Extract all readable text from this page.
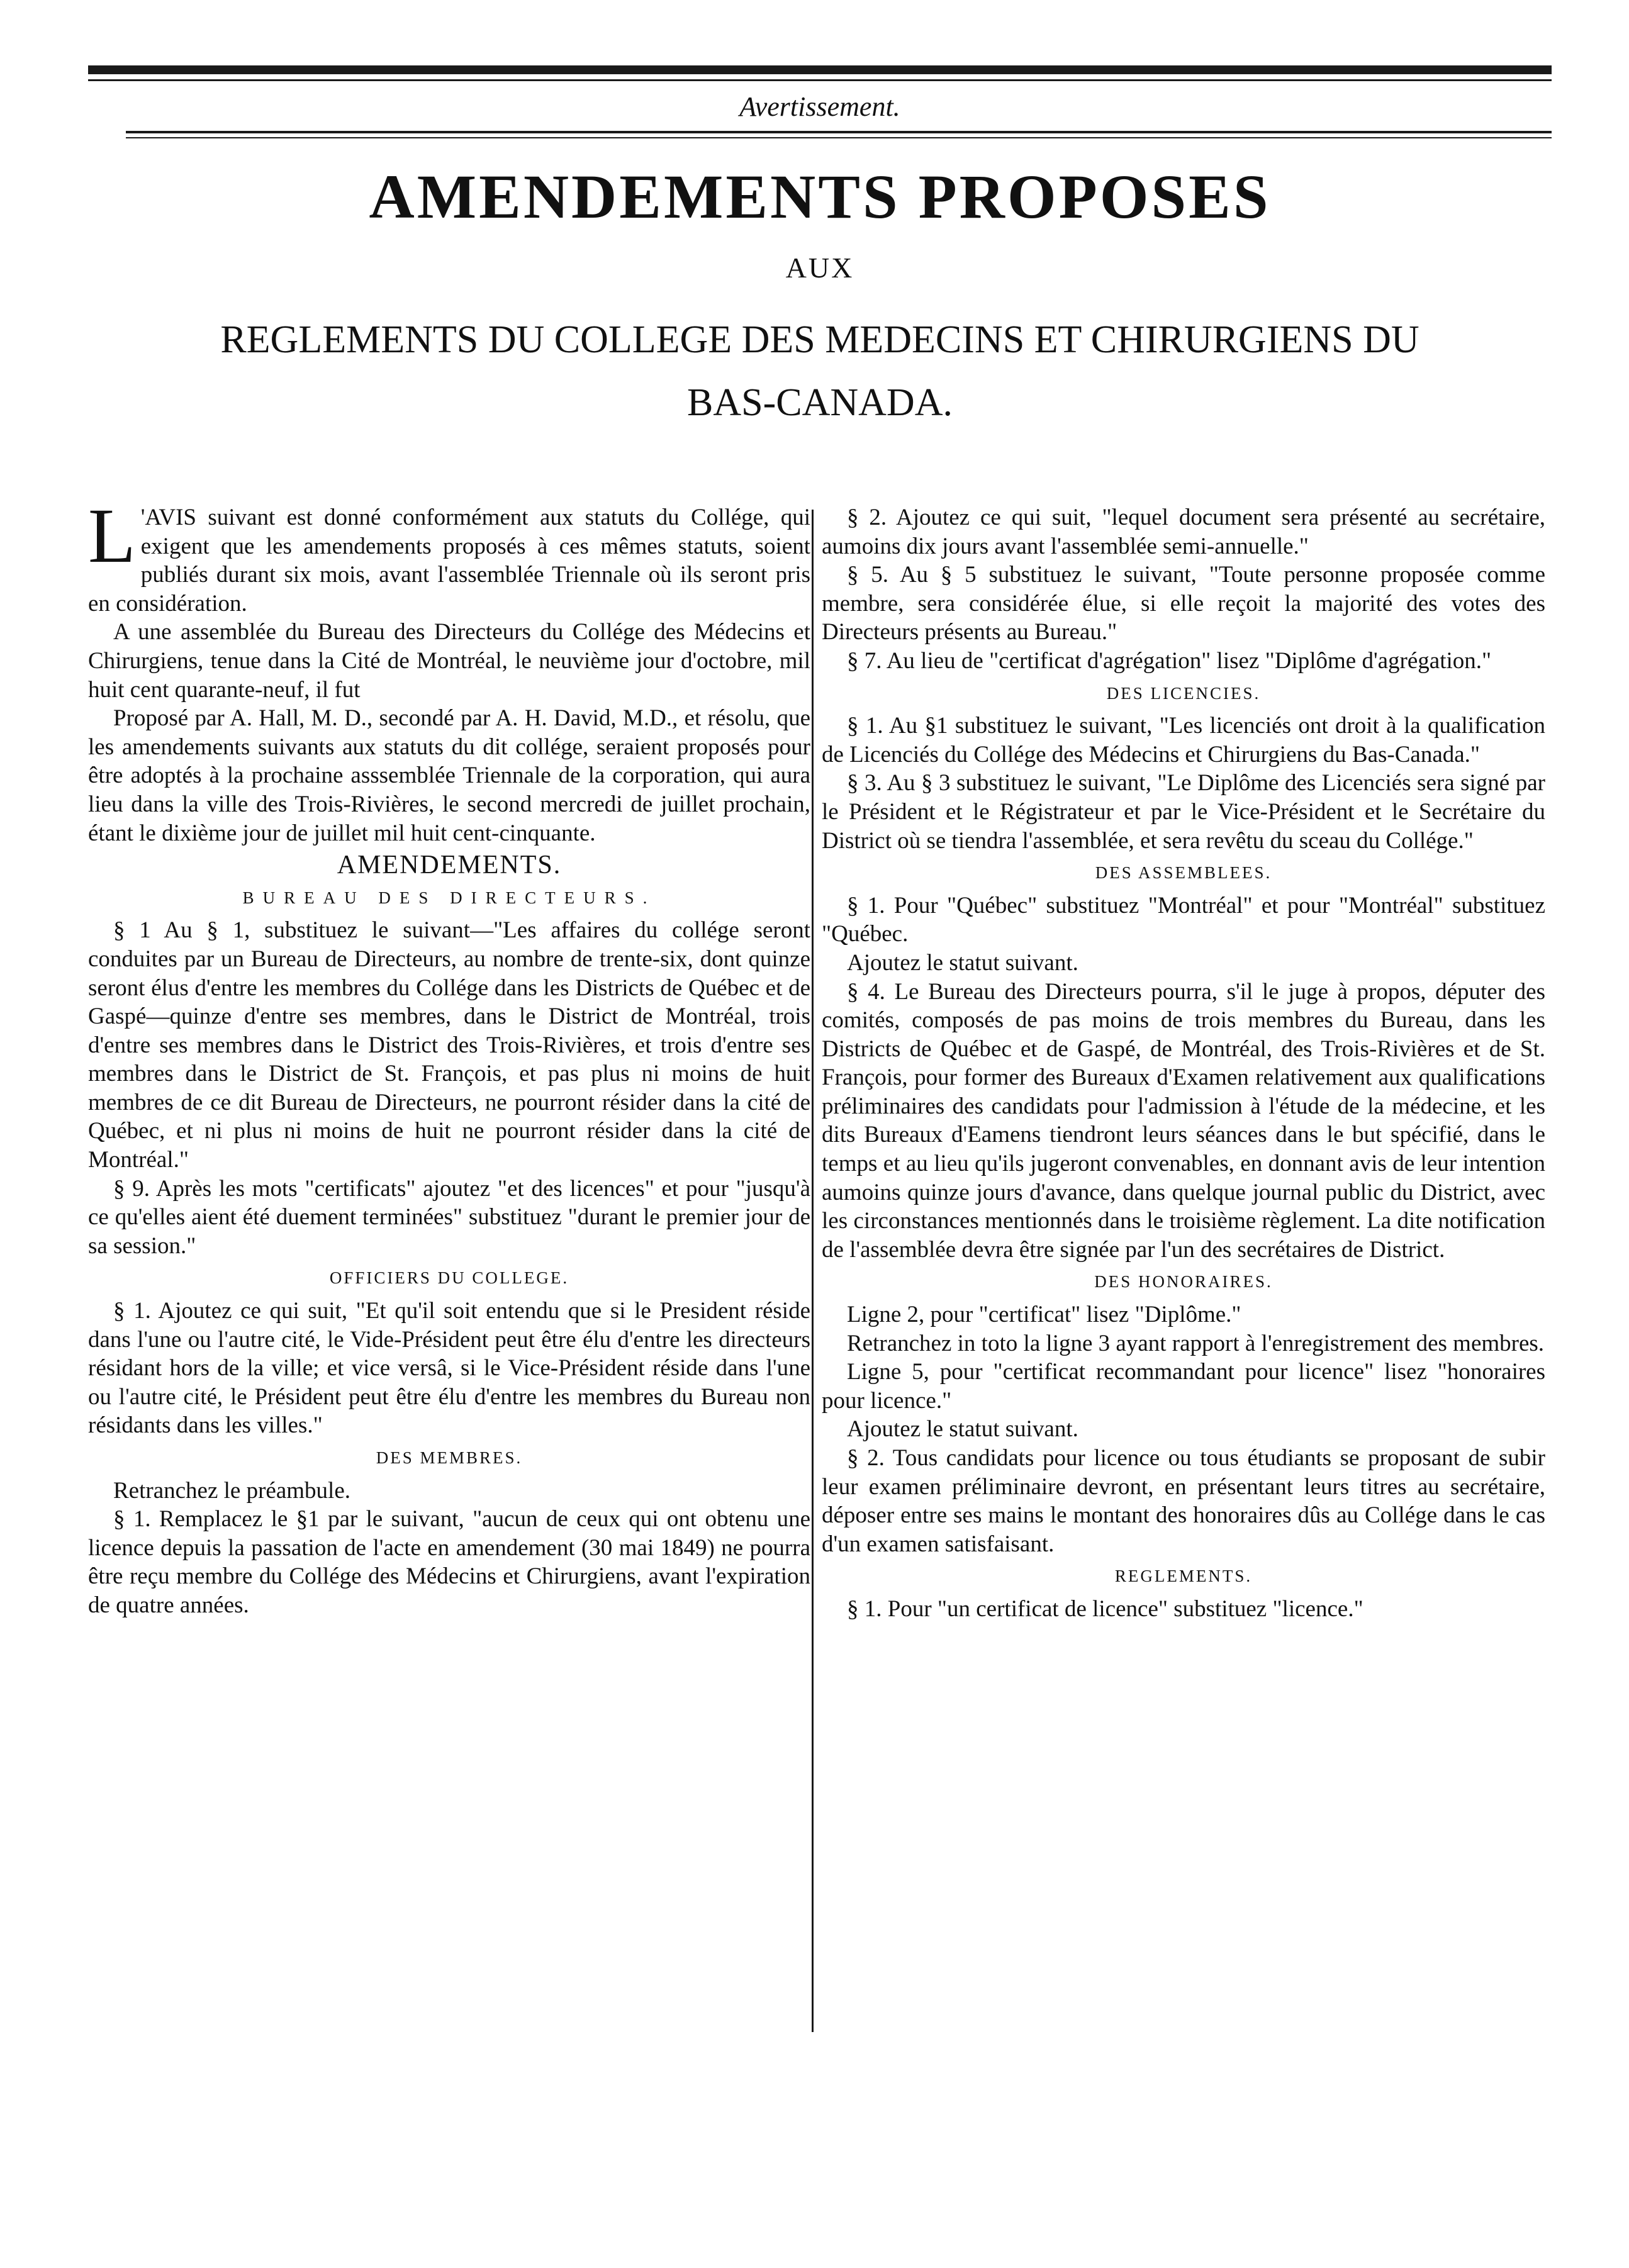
Avertissement.
AMENDEMENTS PROPOSES
AUX
REGLEMENTS DU COLLEGE DES MEDECINS ET CHIRURGIENS DU
BAS-CANADA.

L 'AVIS suivant est donné conformément aux statuts du Collége, qui exigent que les amendements proposés à ces mêmes statuts, soient publiés durant six mois, avant l'assemblée Triennale où ils seront pris en considération.

A une assemblée du Bureau des Directeurs du Collége des Médecins et Chirurgiens, tenue dans la Cité de Montréal, le neuvième jour d'octobre, mil huit cent quarante-neuf, il fut

Proposé par A. Hall, M. D., secondé par A. H. David, M.D., et résolu, que les amendements suivants aux statuts du dit collége, seraient proposés pour être adoptés à la prochaine asssemblée Triennale de la corporation, qui aura lieu dans la ville des Trois-Rivières, le second mercredi de juillet prochain, étant le dixième jour de juillet mil huit cent-cinquante.

AMENDEMENTS.
BUREAU DES DIRECTEURS.

§ 1 Au § 1, substituez le suivant—"Les affaires du collége seront conduites par un Bureau de Directeurs, au nombre de trente-six, dont quinze seront élus d'entre les membres du Collége dans les Districts de Québec et de Gaspé—quinze d'entre ses membres, dans le District de Montréal, trois d'entre ses membres dans le District des Trois-Rivières, et trois d'entre ses membres dans le District de St. François, et pas plus ni moins de huit membres de ce dit Bureau de Directeurs, ne pourront résider dans la cité de Québec, et ni plus ni moins de huit ne pourront résider dans la cité de Montréal."

§ 9. Après les mots "certificats" ajoutez "et des licences" et pour "jusqu'à ce qu'elles aient été duement terminées" substituez "durant le premier jour de sa session."

OFFICIERS DU COLLEGE.

§ 1. Ajoutez ce qui suit, "Et qu'il soit entendu que si le President réside dans l'une ou l'autre cité, le Vide-Président peut être élu d'entre les directeurs résidant hors de la ville; et vice versâ, si le Vice-Président réside dans l'une ou l'autre cité, le Président peut être élu d'entre les membres du Bureau non résidants dans les villes."

DES MEMBRES.

Retranchez le préambule.

§ 1. Remplacez le §1 par le suivant, "aucun de ceux qui ont obtenu une licence depuis la passation de l'acte en amendement (30 mai 1849) ne pourra être reçu membre du Collége des Médecins et Chirurgiens, avant l'expiration de quatre années.

§ 2. Ajoutez ce qui suit, "lequel document sera présenté au secrétaire, aumoins dix jours avant l'assemblée semi-annuelle."

§ 5. Au § 5 substituez le suivant, "Toute personne proposée comme membre, sera considérée élue, si elle reçoit la majorité des votes des Directeurs présents au Bureau."

§ 7. Au lieu de "certificat d'agrégation" lisez "Diplôme d'agrégation."

DES LICENCIES.

§ 1. Au §1 substituez le suivant, "Les licenciés ont droit à la qualification de Licenciés du Collége des Médecins et Chirurgiens du Bas-Canada."

§ 3. Au § 3 substituez le suivant, "Le Diplôme des Licenciés sera signé par le Président et le Régistrateur et par le Vice-Président et le Secrétaire du District où se tiendra l'assemblée, et sera revêtu du sceau du Collége."

DES ASSEMBLEES.

§ 1. Pour "Québec" substituez "Montréal" et pour "Montréal" substituez "Québec.

Ajoutez le statut suivant.

§ 4. Le Bureau des Directeurs pourra, s'il le juge à propos, députer des comités, composés de pas moins de trois membres du Bureau, dans les Districts de Québec et de Gaspé, de Montréal, des Trois-Rivières et de St. François, pour former des Bureaux d'Examen relativement aux qualifications préliminaires des candidats pour l'admission à l'étude de la médecine, et les dits Bureaux d'Eamens tiendront leurs séances dans le but spécifié, dans le temps et au lieu qu'ils jugeront convenables, en donnant avis de leur intention aumoins quinze jours d'avance, dans quelque journal public du District, avec les circonstances mentionnés dans le troisième règlement. La dite notification de l'assemblée devra être signée par l'un des secrétaires de District.

DES HONORAIRES.

Ligne 2, pour "certificat" lisez "Diplôme."

Retranchez in toto la ligne 3 ayant rapport à l'enregistrement des membres.

Ligne 5, pour "certificat recommandant pour licence" lisez "honoraires pour licence."

Ajoutez le statut suivant.

§ 2. Tous candidats pour licence ou tous étudiants se proposant de subir leur examen préliminaire devront, en présentant leurs titres au secrétaire, déposer entre ses mains le montant des honoraires dûs au Collége dans le cas d'un examen satisfaisant.

REGLEMENTS.

§ 1. Pour "un certificat de licence" substituez "licence."
